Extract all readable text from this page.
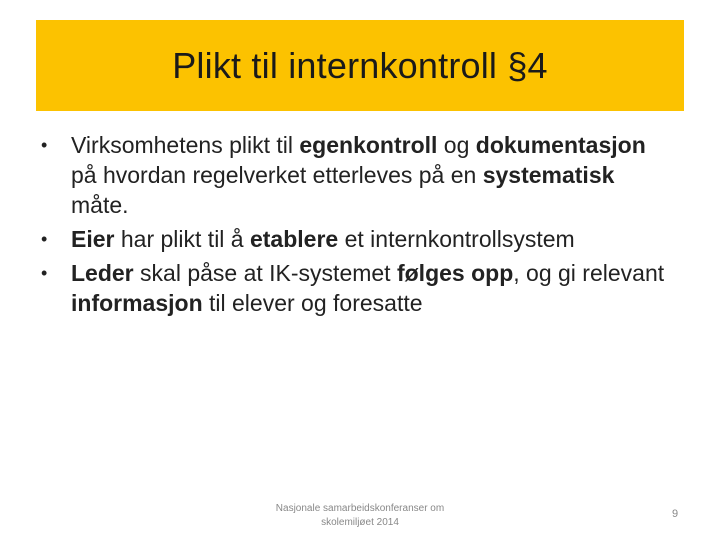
Plikt til internkontroll §4
• Virksomhetens plikt til egenkontroll og dokumentasjon på hvordan regelverket etterleves på en systematisk måte.
• Eier har plikt til å etablere et internkontrollsystem
• Leder skal påse at IK-systemet følges opp, og gi relevant informasjon til elever og foresatte
Nasjonale samarbeidskonferanser om
skolemiljøet 2014
9
